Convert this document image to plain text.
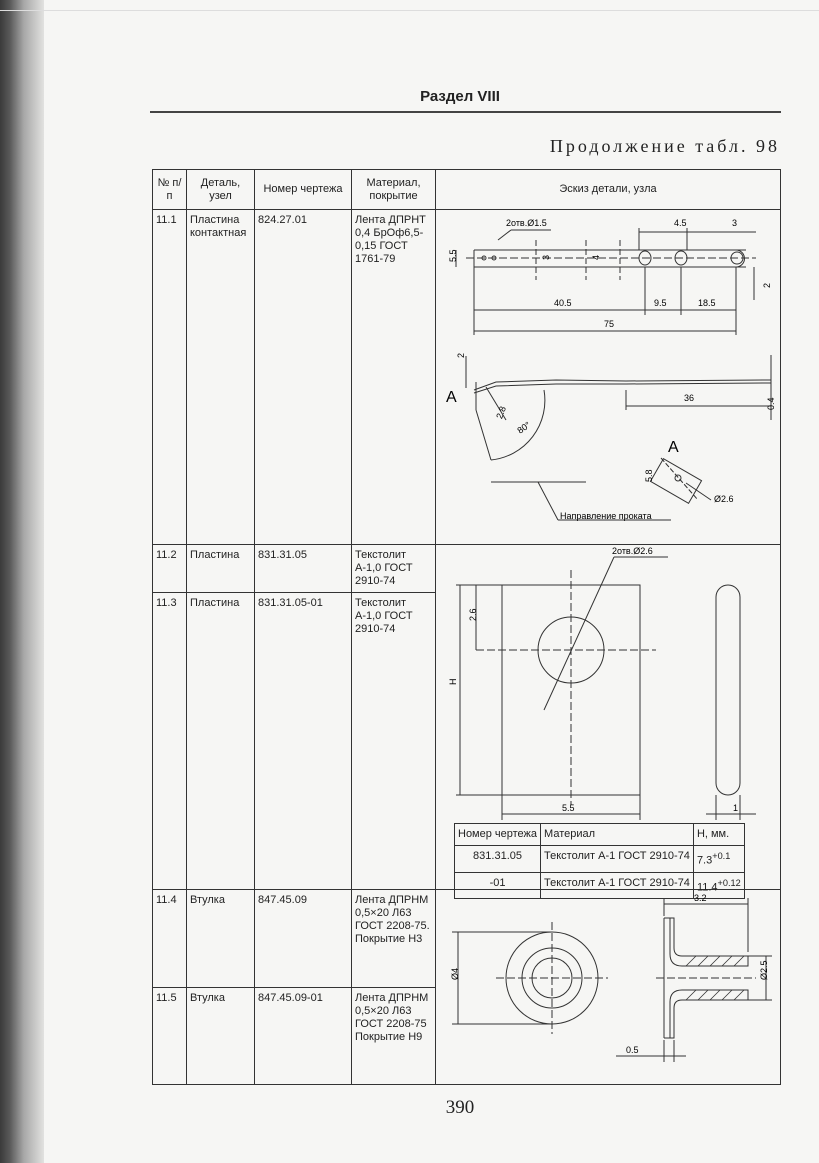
Раздел VIII
Продолжение табл. 98
№ п/п	Деталь, узел	Номер чертежа	Материал, покрытие	Эскиз детали, узла
11.1	Пластина контактная	824.27.01	Лента ДПРНТ 0,4 БрОф6,5-0,15 ГОСТ 1761-79	
2отв.Ø1.5	4.5	3
5.5	3	4
2
40.5	9.5	18.5
75
2
36	0.4
2.8
80°
5.8
Ø2.6
A
A
Направление проката

11.2	Пластина	831.31.05	Текстолит А-1,0 ГОСТ 2910-74	
2отв.Ø2.6
2.6
H
5.5	1
Номер чертежа	Материал	H, мм.
831.31.05	Текстолит А-1 ГОСТ 2910-74	$7.3^{+0.1}$
-01	Текстолит А-1 ГОСТ 2910-74	$11.4^{+0.12}$

11.3	Пластина	831.31.05-01	Текстолит А-1,0 ГОСТ 2910-74
11.4	Втулка	847.45.09	Лента ДПРНМ 0,5×20 Л63 ГОСТ 2208-75. Покрытие Н3	
3.2
Ø4	Ø2.5
0.5

11.5	Втулка	847.45.09-01	Лента ДПРНМ 0,5×20 Л63 ГОСТ 2208-75 Покрытие Н9
390
